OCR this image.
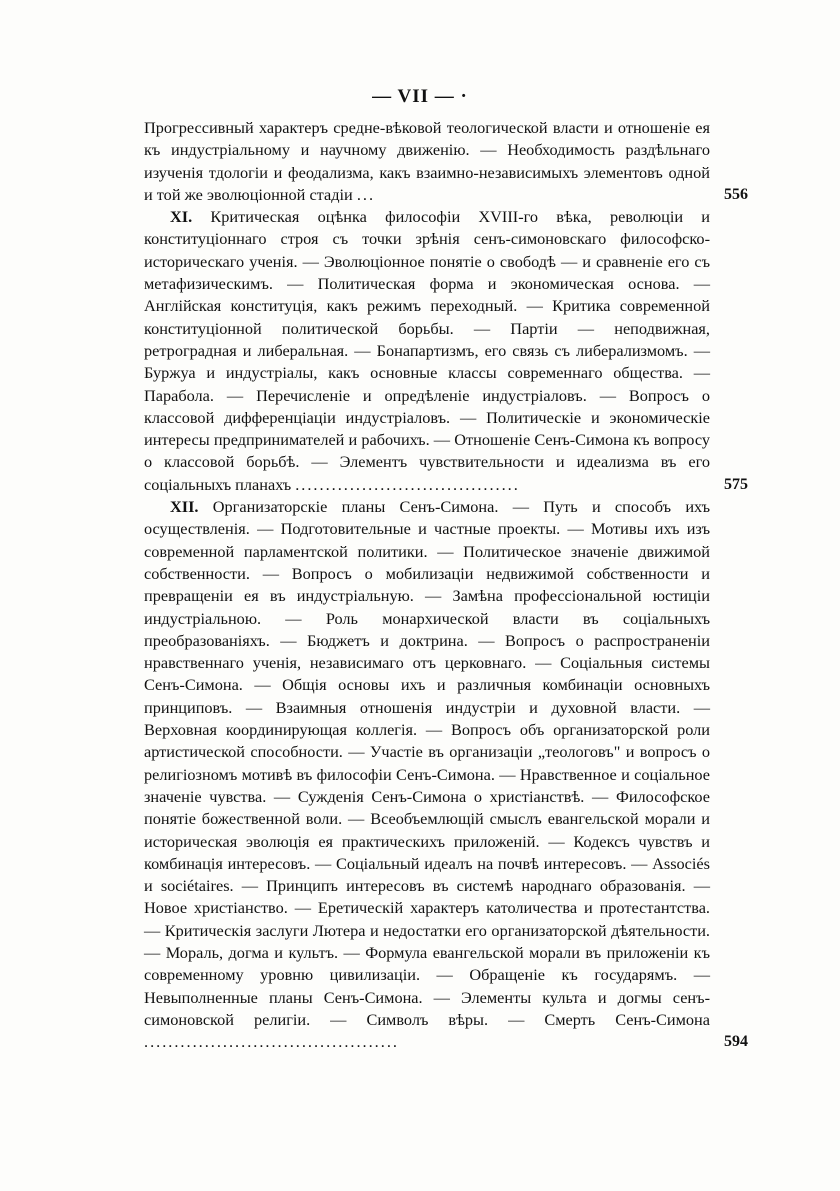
— VII — ·
Прогрессивный характеръ средне-вѣковой теологической власти и отношеніе ея къ индустріальному и научному движенію. — Необходимость раздѣльнаго изученія тдологіи и феодализма, какъ взаимно-независимыхъ элементовъ одной и той же эволюціонной стадіи ...	556
XI. Критическая оцѣнка философіи XVIII-го вѣка, революціи и конституціоннаго строя съ точки зрѣнія сенъ-симоновскаго философско-историческаго ученія. — Эволюціонное понятіе о свободѣ — и сравненіе его съ метафизическимъ. — Политическая форма и экономическая основа. — Англійская конституція, какъ режимъ переходный. — Критика современной конституціонной политической борьбы. — Партіи — неподвижная, ретроградная и либеральная. — Бонапартизмъ, его связь съ либерализмомъ. — Буржуа и индустріалы, какъ основные классы современнаго общества. — Парабола. — Перечисленіе и опредѣленіе индустріаловъ. — Вопросъ о классовой дифференціаціи индустріаловъ. — Политическіе и экономическіе интересы предпринимателей и рабочихъ. — Отношеніе Сенъ-Симона къ вопросу о классовой борьбѣ. — Элементъ чувствительности и идеализма въ его соціальныхъ планахъ .....................................	575
XII. Организаторскіе планы Сенъ-Симона. — Путь и способъ ихъ осуществленія. — Подготовительные и частные проекты. — Мотивы ихъ изъ современной парламентской политики. — Политическое значеніе движимой собственности. — Вопросъ о мобилизаціи недвижимой собственности и превращеніи ея въ индустріальную. — Замѣна профессіональной юстиціи индустріальною. — Роль монархической власти въ соціальныхъ преобразованіяхъ. — Бюджетъ и доктрина. — Вопросъ о распространеніи нравственнаго ученія, независимаго отъ церковнаго. — Соціальныя системы Сенъ-Симона. — Общія основы ихъ и различныя комбинаціи основныхъ принциповъ. — Взаимныя отношенія индустріи и духовной власти. — Верховная координирующая коллегія. — Вопросъ объ организаторской роли артистической способности. — Участіе въ организаціи „теологовъ" и вопросъ о религіозномъ мотивѣ въ философіи Сенъ-Симона. — Нравственное и соціальное значеніе чувства. — Сужденія Сенъ-Симона о христіанствѣ. — Философское понятіе божественной воли. — Всеобъемлющій смыслъ евангельской морали и историческая эволюція ея практическихъ приложеній. — Кодексъ чувствъ и комбинація интересовъ. — Соціальный идеалъ на почвѣ интересовъ. — Associés и sociétaires. — Принципъ интересовъ въ системѣ народнаго образованія. — Новое христіанство. — Еретическій характеръ католичества и протестантства. — Критическія заслуги Лютера и недостатки его организаторской дѣятельности. — Мораль, догма и культъ. — Формула евангельской морали въ приложеніи къ современному уровню цивилизаціи. — Обращеніе къ государямъ. — Невыполненные планы Сенъ-Симона. — Элементы культа и догмы сенъ-симоновской религіи. — Символъ вѣры. — Смерть Сенъ-Симона ..........................................	594
